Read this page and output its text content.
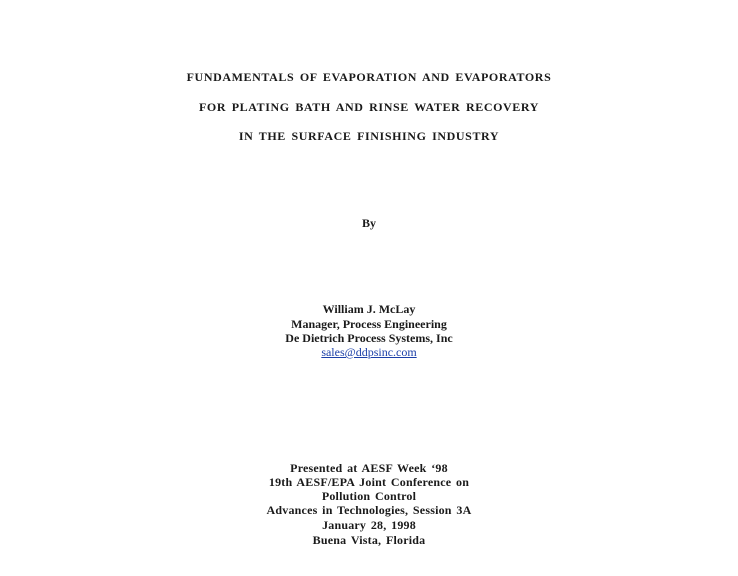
FUNDAMENTALS OF EVAPORATION AND EVAPORATORS
FOR PLATING BATH AND RINSE WATER RECOVERY
IN THE SURFACE FINISHING INDUSTRY
By
William J. McLay
Manager, Process Engineering
De Dietrich Process Systems, Inc
sales@ddpsinc.com
Presented at AESF Week ‘98
19th AESF/EPA Joint Conference on
Pollution Control
Advances in Technologies, Session 3A
January 28, 1998
Buena Vista, Florida
